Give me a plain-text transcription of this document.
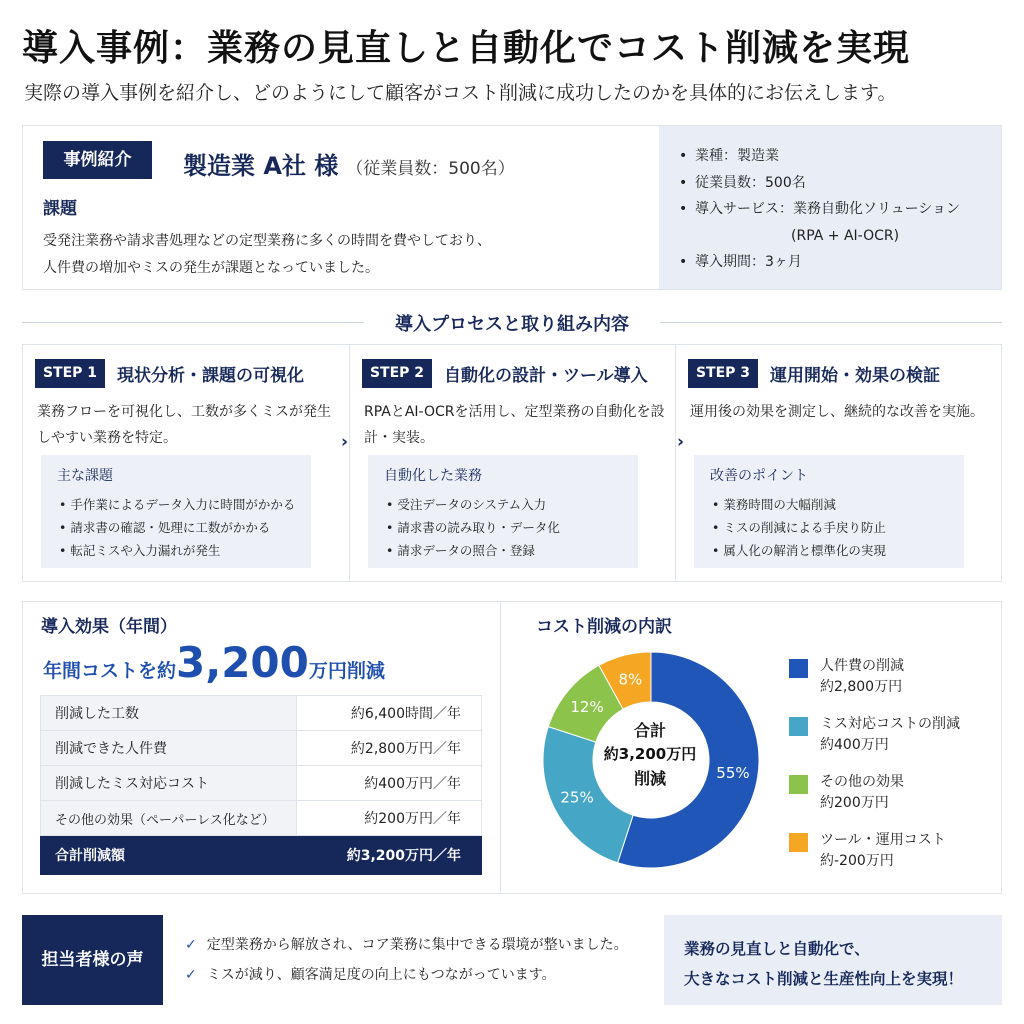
導入事例：業務の見直しと自動化でコスト削減を実現
実際の導入事例を紹介し、どのようにして顧客がコスト削減に成功したのかを具体的にお伝えします。
事例紹介	製造業 A社 様 （従業員数：500名）
課題
受発注業務や請求書処理などの定型業務に多くの時間を費やしており、
人件費の増加やミスの発生が課題となっていました。
• 業種：製造業
• 従業員数：500名
• 導入サービス：業務自動化ソリューション
(RPA + AI-OCR)
• 導入期間：3ヶ月
導入プロセスと取り組み内容
STEP 1	現状分析・課題の可視化
業務フローを可視化し、工数が多くミスが発生しやすい業務を特定。
主な課題
• 手作業によるデータ入力に時間がかかる
• 請求書の確認・処理に工数がかかる
• 転記ミスや入力漏れが発生
STEP 2	自動化の設計・ツール導入
RPAとAI-OCRを活用し、定型業務の自動化を設計・実装。
自動化した業務
• 受注データのシステム入力
• 請求書の読み取り・データ化
• 請求データの照合・登録
STEP 3	運用開始・効果の検証
運用後の効果を測定し、継続的な改善を実施。
改善のポイント
• 業務時間の大幅削減
• ミスの削減による手戻り防止
• 属人化の解消と標準化の実現
›	›
導入効果（年間）
年間コストを約3,200万円削減
削減した工数	約6,400時間／年
削減できた人件費	約2,800万円／年
削減したミス対応コスト	約400万円／年
その他の効果（ペーパーレス化など）	約200万円／年
合計削減額	約3,200万円／年
コスト削減の内訳
55%
25%
12%
8%
合計
約3,200万円
削減
人件費の削減
約2,800万円
ミス対応コストの削減
約400万円
その他の効果
約200万円
ツール・運用コスト
約-200万円
担当者様の声
✓ 定型業務から解放され、コア業務に集中できる環境が整いました。
✓ ミスが減り、顧客満足度の向上にもつながっています。
業務の見直しと自動化で、
大きなコスト削減と生産性向上を実現！
